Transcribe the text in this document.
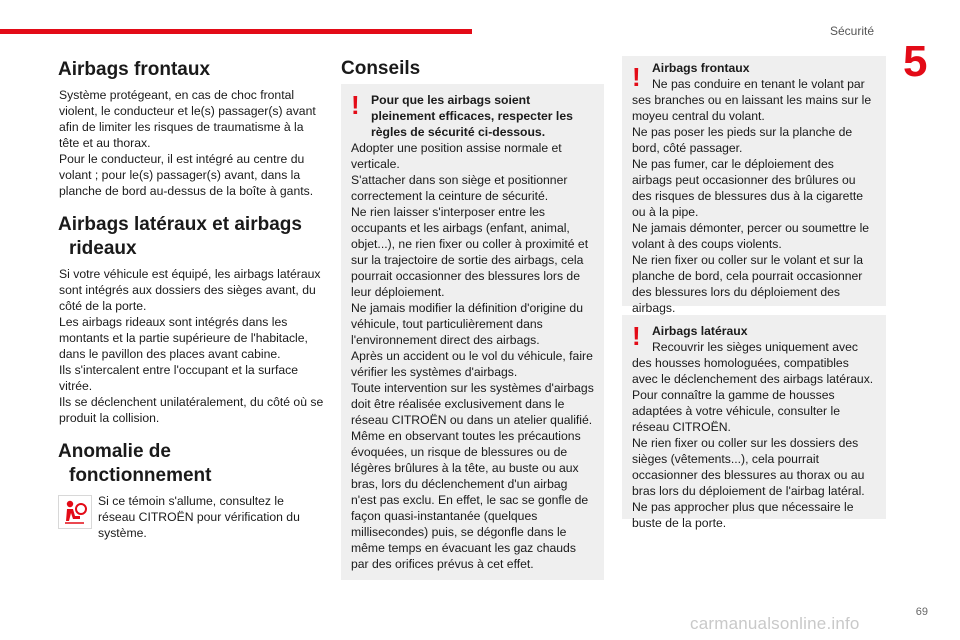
Sécurité
5
Airbags frontaux

Système protégeant, en cas de choc frontal violent, le conducteur et le(s) passager(s) avant afin de limiter les risques de traumatisme à la tête et au thorax.
Pour le conducteur, il est intégré au centre du volant ; pour le(s) passager(s) avant, dans la planche de bord au-dessus de la boîte à gants.

Airbags latéraux et airbags
rideaux

Si votre véhicule est équipé, les airbags latéraux sont intégrés aux dossiers des sièges avant, du côté de la porte.
Les airbags rideaux sont intégrés dans les montants et la partie supérieure de l'habitacle, dans le pavillon des places avant cabine.
Ils s'intercalent entre l'occupant et la surface vitrée.
Ils se déclenchent unilatéralement, du côté où se produit la collision.

Anomalie de
fonctionnement
Si ce témoin s'allume, consultez le réseau CITROËN pour vérification du système.
Conseils
! Pour que les airbags soient pleinement efficaces, respecter les règles de sécurité ci-dessous.
Adopter une position assise normale et verticale.
S'attacher dans son siège et positionner correctement la ceinture de sécurité.
Ne rien laisser s'interposer entre les occupants et les airbags (enfant, animal, objet...), ne rien fixer ou coller à proximité et sur la trajectoire de sortie des airbags, cela pourrait occasionner des blessures lors de leur déploiement.
Ne jamais modifier la définition d'origine du véhicule, tout particulièrement dans l'environnement direct des airbags.
Après un accident ou le vol du véhicule, faire vérifier les systèmes d'airbags.
Toute intervention sur les systèmes d'airbags doit être réalisée exclusivement dans le réseau CITROËN ou dans un atelier qualifié.
Même en observant toutes les précautions évoquées, un risque de blessures ou de légères brûlures à la tête, au buste ou aux bras, lors du déclenchement d'un airbag n'est pas exclu. En effet, le sac se gonfle de façon quasi-instantanée (quelques millisecondes) puis, se dégonfle dans le même temps en évacuant les gaz chauds par des orifices prévus à cet effet.
! Airbags frontaux
Ne pas conduire en tenant le volant par ses branches ou en laissant les mains sur le moyeu central du volant.
Ne pas poser les pieds sur la planche de bord, côté passager.
Ne pas fumer, car le déploiement des airbags peut occasionner des brûlures ou des risques de blessures dus à la cigarette ou à la pipe.
Ne jamais démonter, percer ou soumettre le volant à des coups violents.
Ne rien fixer ou coller sur le volant et sur la planche de bord, cela pourrait occasionner des blessures lors du déploiement des airbags.
! Airbags latéraux
Recouvrir les sièges uniquement avec des housses homologuées, compatibles avec le déclenchement des airbags latéraux. Pour connaître la gamme de housses adaptées à votre véhicule, consulter le réseau CITROËN.
Ne rien fixer ou coller sur les dossiers des sièges (vêtements...), cela pourrait occasionner des blessures au thorax ou au bras lors du déploiement de l'airbag latéral.
Ne pas approcher plus que nécessaire le buste de la porte.
69
carmanualsonline.info
